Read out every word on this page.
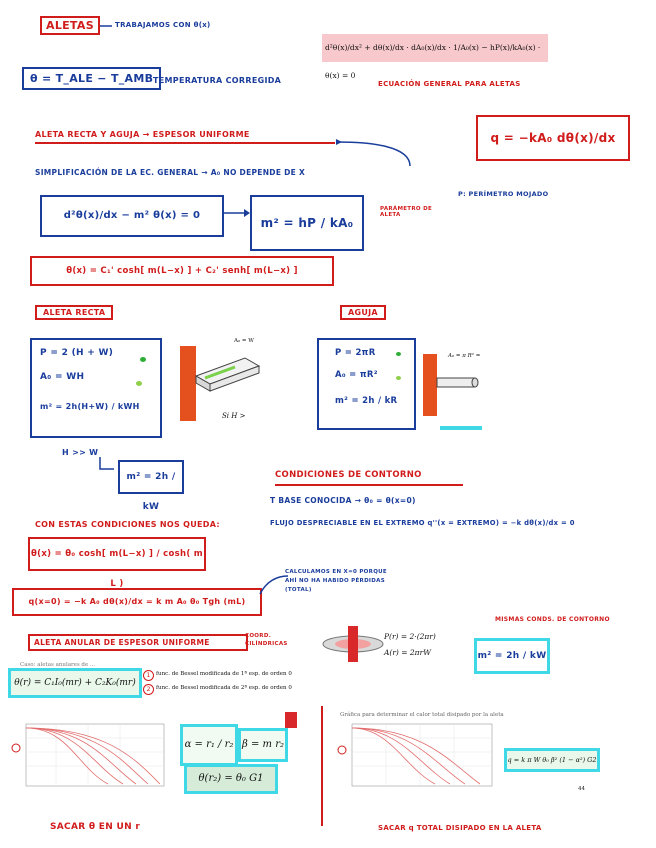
ALETAS	TRABAJAMOS CON θ(x)
d²θ(x)/dx² + dθ(x)/dx · dA₀(x)/dx · 1/A₀(x) − hP(x)/kA₀(x) · θ(x) = 0
θ = T_ALE − T_AMB TEMPERATURA CORREGIDA	ECUACIÓN GENERAL PARA ALETAS
ALETA RECTA Y AGUJA → ESPESOR UNIFORME	q = −kA₀ dθ(x)/dx
SIMPLIFICACIÓN DE LA EC. GENERAL → A₀ NO DEPENDE DE X
P: PERÍMETRO MOJADO
d²θ(x)/dx − m² θ(x) = 0
m² = hP / kA₀
PARÁMETRO DE ALETA
θ(x) = C₁' cosh[ m(L−x) ] + C₂' senh[ m(L−x) ]
ALETA RECTA
P = 2 (H + W)
A₀ = WH
m² = 2h(H+W) / kWH
A₀ = W
Si H >
H >> W
m² = 2h / kW
AGUJA
P = 2πR
A₀ = πR²
m² = 2h / kR
A₀ = π R² =
CONDICIONES DE CONTORNO
T BASE CONOCIDA → θ₀ = θ(x=0)
FLUJO DESPRECIABLE EN EL EXTREMO q''(x = EXTREMO) = −k dθ(x)/dx = 0
CON ESTAS CONDICIONES NOS QUEDA:
θ(x) = θ₀ cosh[ m(L−x) ] / cosh( m L )
q(x=0) = −k A₀ dθ(x)/dx = k m A₀ θ₀ Tgh (mL)
CALCULAMOS EN X=0 PORQUE AHÍ NO HA HABIDO PÉRDIDAS (TOTAL)
ALETA ANULAR DE ESPESOR UNIFORME
COORD. CILÍNDRICAS
P(r) = 2·(2πr)
A(r) = 2πrW
MISMAS CONDS. DE CONTORNO
m² = 2h / kW
Caso: aletas anulares de ...
θ(r) = C₁I₀(mr) + C₂K₀(mr)
1
2
func. de Bessel modificada de 1ª esp. de orden 0
func. de Bessel modificada de 2ª esp. de orden 0
α = r₁ / r₂ β = m r₂
θ(r₂) = θ₀ G1
Gráfica para determinar el calor total disipado por la aleta
q = k π W θ₀ β² (1 − α²) G2
44
SACAR θ EN UN r	SACAR q TOTAL DISIPADO EN LA ALETA
